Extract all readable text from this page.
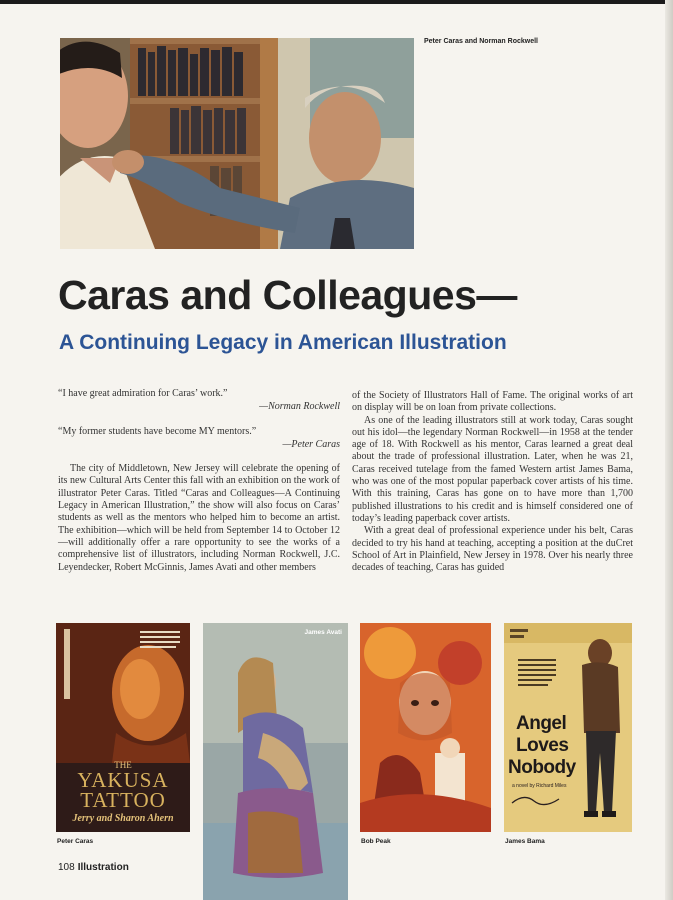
Peter Caras and Norman Rockwell
Caras and Colleagues—
A Continuing Legacy in American Illustration

“I have great admiration for Caras’ work.”

—Norman Rockwell

“My former students have become MY mentors.”

—Peter Caras

The city of Middletown, New Jersey will celebrate the opening of its new Cultural Arts Center this fall with an exhibition on the work of illustrator Peter Caras. Titled “Caras and Colleagues—A Continuing Legacy in American Illustration,” the show will also focus on Caras’ students as well as the mentors who helped him to become an artist. The exhibition—which will be held from September 14 to October 12—will additionally offer a rare opportunity to see the works of a comprehensive list of illustrators, including Norman Rockwell, J.C. Leyendecker, Robert McGinnis, James Avati and other members

of the Society of Illustrators Hall of Fame. The original works of art on display will be on loan from private collections.

As one of the leading illustrators still at work today, Caras sought out his idol—the legendary Norman Rockwell—in 1958 at the tender age of 18. With Rockwell as his mentor, Caras learned a great deal about the trade of professional illustration. Later, when he was 21, Caras received tutelage from the famed Western artist James Bama, who was one of the most popular paperback cover artists of his time. With this training, Caras has gone on to have more than 1,700 published illustrations to his credit and is himself considered one of today’s leading paperback cover artists.

With a great deal of professional experience under his belt, Caras decided to try his hand at teaching, accepting a position at the duCret School of Art in Plainfield, New Jersey in 1978. Over his nearly three decades of teaching, Caras has guided

THE
YAKUSA
TATTOO
Jerry and Sharon Ahern
Peter Caras
James Avati
Bob Peak
Angel
Loves
Nobody
a novel by Richard Miles
James Bama
108 Illustration
